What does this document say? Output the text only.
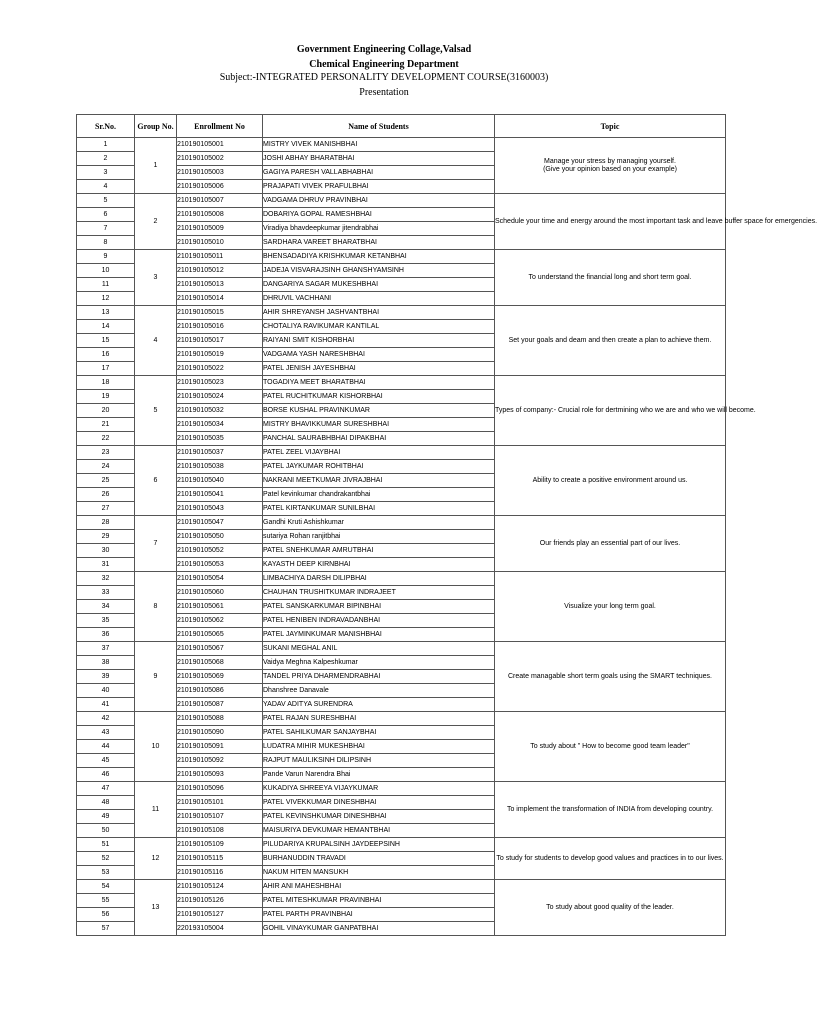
Government Engineering Collage,Valsad
Chemical Engineering Department
Subject:-INTEGRATED PERSONALITY DEVELOPMENT COURSE(3160003)
Presentation
Sr.No.	Group No.	Enrollment No	Name of Students	Topic
1	1	210190105001	MISTRY VIVEK MANISHBHAI	Manage your stress by managing yourself.
(Give your opinion based on your example)
2		210190105002	JOSHI ABHAY BHARATBHAI	
3		210190105003	GAGIYA PARESH VALLABHABHAI	
4		210190105006	PRAJAPATI VIVEK PRAFULBHAI	
5	2	210190105007	VADGAMA DHRUV PRAVINBHAI	Schedule your time and energy around the most important task and leave buffer space for emergencies.
6		210190105008	DOBARIYA GOPAL RAMESHBHAI	
7		210190105009	Viradiya bhavdeepkumar jitendrabhai	
8		210190105010	SARDHARA VAREET BHARATBHAI	
9	3	210190105011	BHENSADADIYA KRISHKUMAR KETANBHAI	To understand the financial long and short term goal.
10		210190105012	JADEJA VISVARAJSINH GHANSHYAMSINH	
11		210190105013	DANGARIYA SAGAR MUKESHBHAI	
12		210190105014	DHRUVIL VACHHANI	
13	4	210190105015	AHIR SHREYANSH JASHVANTBHAI	Set your goals and deam and then create a plan to achieve them.
14		210190105016	CHOTALIYA RAVIKUMAR KANTILAL	
15		210190105017	RAIYANI SMIT KISHORBHAI	
16		210190105019	VADGAMA YASH NARESHBHAI	
17		210190105022	PATEL JENISH JAYESHBHAI	
18	5	210190105023	TOGADIYA MEET BHARATBHAI	Types of company:- Crucial role for dertmining who we are and who we will become.
19		210190105024	PATEL RUCHITKUMAR KISHORBHAI	
20		210190105032	BORSE KUSHAL PRAVINKUMAR	
21		210190105034	MISTRY BHAVIKKUMAR SURESHBHAI	
22		210190105035	PANCHAL SAURABHBHAI DIPAKBHAI	
23	6	210190105037	PATEL ZEEL VIJAYBHAI	Ability to create a positive environment around us.
24		210190105038	PATEL JAYKUMAR ROHITBHAI	
25		210190105040	NAKRANI MEETKUMAR JIVRAJBHAI	
26		210190105041	Patel kevinkumar chandrakantbhai	
27		210190105043	PATEL KIRTANKUMAR SUNILBHAI	
28	7	210190105047	Gandhi Kruti Ashishkumar	Our friends play an essential part of our lives.
29		210190105050	sutariya Rohan ranjitbhai	
30		210190105052	PATEL SNEHKUMAR AMRUTBHAI	
31		210190105053	KAYASTH DEEP KIRNBHAI	
32	8	210190105054	LIMBACHIYA DARSH DILIPBHAI	Visualize your long term goal.
33		210190105060	CHAUHAN TRUSHITKUMAR INDRAJEET	
34		210190105061	PATEL SANSKARKUMAR BIPINBHAI	
35		210190105062	PATEL HENIBEN INDRAVADANBHAI	
36		210190105065	PATEL JAYMINKUMAR MANISHBHAI	
37	9	210190105067	SUKANI MEGHAL ANIL	Create managable short term goals using the SMART techniques.
38		210190105068	Vaidya Meghna Kalpeshkumar	
39		210190105069	TANDEL PRIYA DHARMENDRABHAI	
40		210190105086	Dhanshree Danavale	
41		210190105087	YADAV ADITYA SURENDRA	
42	10	210190105088	PATEL RAJAN SURESHBHAI	To study about " How to become good team leader"
43		210190105090	PATEL SAHILKUMAR SANJAYBHAI	
44		210190105091	LUDATRA MIHIR MUKESHBHAI	
45		210190105092	RAJPUT MAULIKSINH DILIPSINH	
46		210190105093	Pande Varun Narendra Bhai	
47	11	210190105096	KUKADIYA SHREEYA VIJAYKUMAR	To implement the transformation of INDIA from developing country.
48		210190105101	PATEL VIVEKKUMAR DINESHBHAI	
49		210190105107	PATEL KEVINSHKUMAR DINESHBHAI	
50		210190105108	MAISURIYA DEVKUMAR HEMANTBHAI	
51	12	210190105109	PILUDARIYA KRUPALSINH JAYDEEPSINH	To study for students to develop good values and practices in to our lives.
52		210190105115	BURHANUDDIN TRAVADI	
53		210190105116	NAKUM HITEN MANSUKH	
54	13	210190105124	AHIR ANI MAHESHBHAI	To study about good quality of the leader.
55		210190105126	PATEL MITESHKUMAR PRAVINBHAI	
56		210190105127	PATEL PARTH PRAVINBHAI	
57		220193105004	GOHIL VINAYKUMAR GANPATBHAI	
